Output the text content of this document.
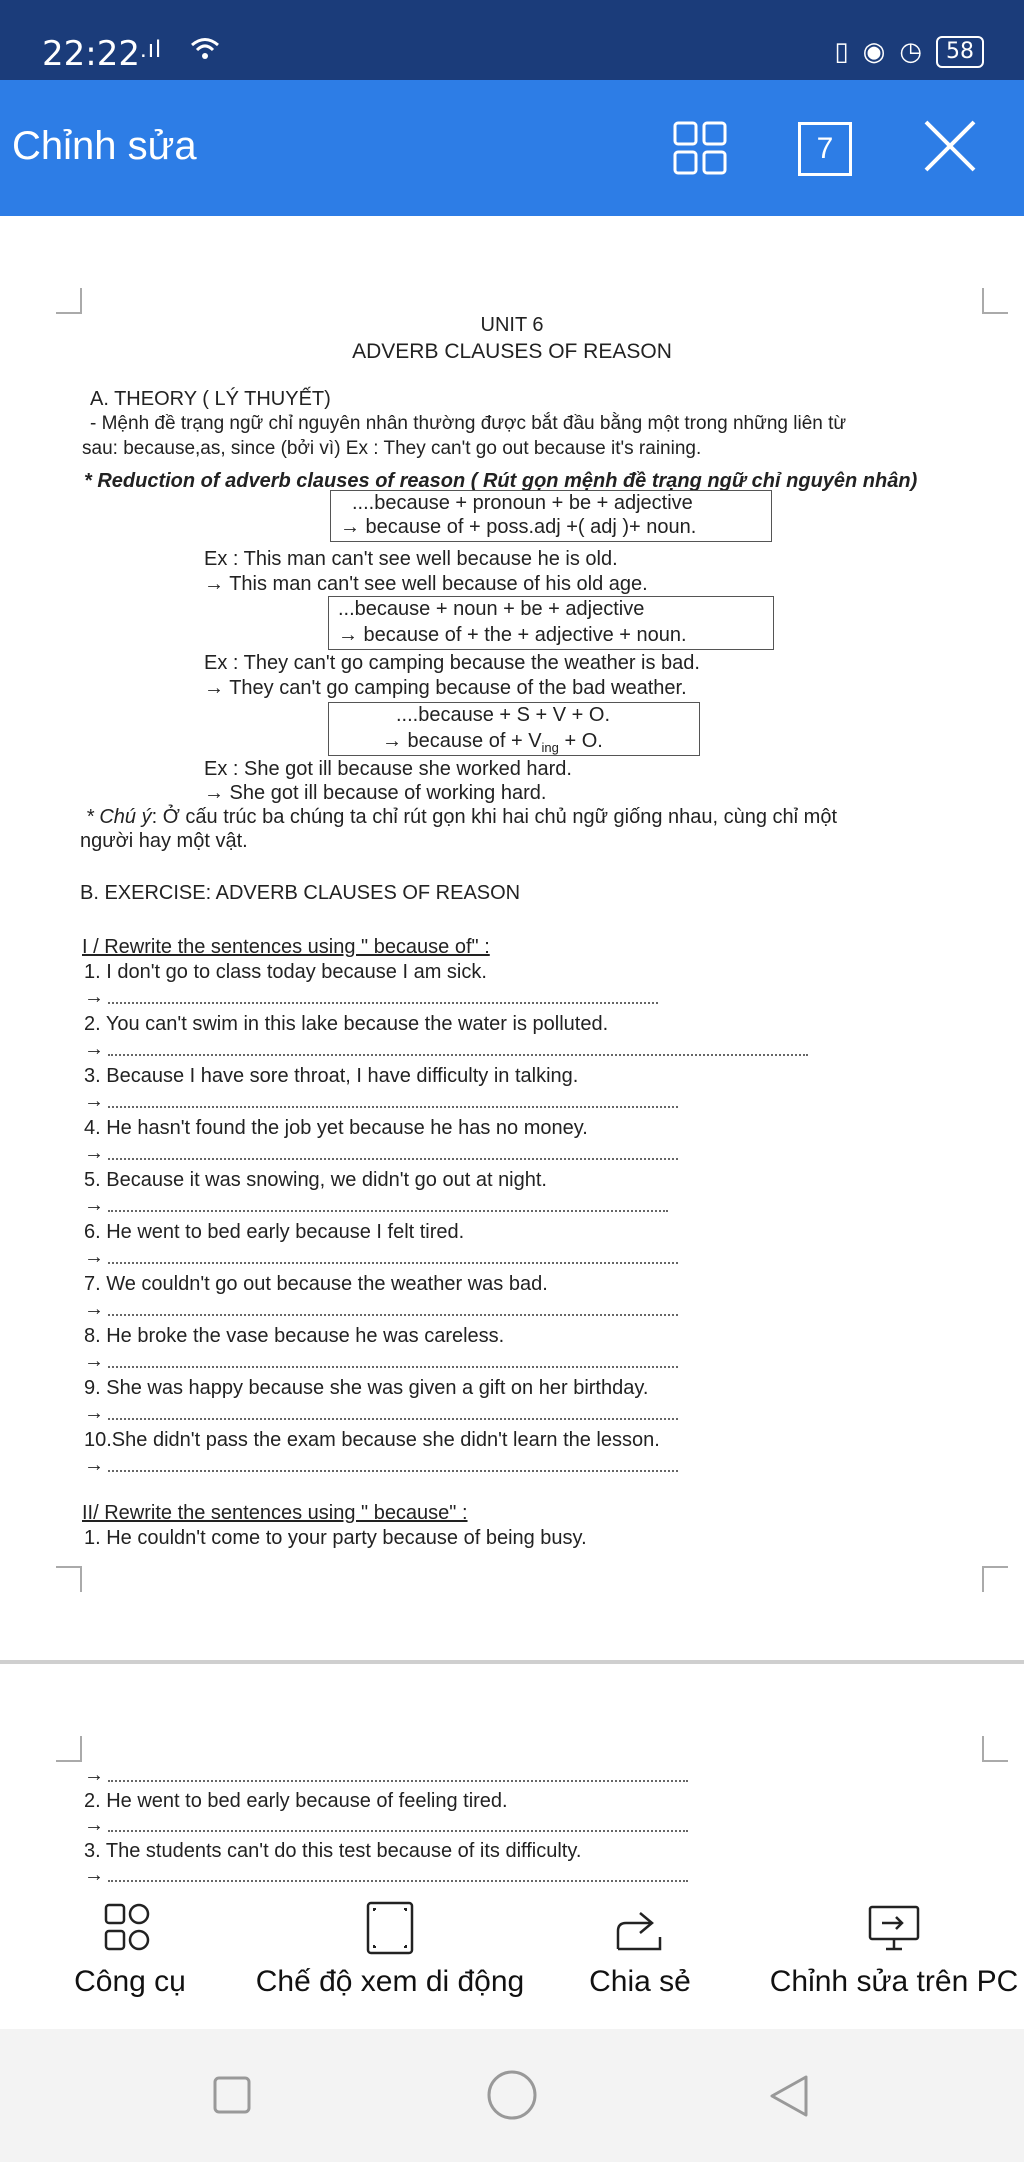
22:22 .ıl	▯ ◉ ◷	58
Chỉnh sửa	7
UNIT 6
ADVERB CLAUSES OF REASON
A. THEORY ( LÝ THUYẾT)
- Mệnh đề trạng ngữ chỉ nguyên nhân thường được bắt đầu bằng một trong những liên từ
sau: because,as, since (bởi vì) Ex : They can't go out because it's raining.
* Reduction of adverb clauses of reason ( Rút gọn mệnh đề trạng ngữ chỉ nguyên nhân)
....because + pronoun + be + adjective
→ because of + poss.adj +( adj )+ noun.
Ex : This man can't see well because he is old.
→ This man can't see well because of his old age.
...because + noun + be + adjective
→ because of + the + adjective + noun.
Ex : They can't go camping because the weather is bad.
→ They can't go camping because of the bad weather.
....because + S + V + O.
→ because of + $V_{ing} + O$.
Ex : She got ill because she worked hard.
→ She got ill because of working hard.
* Chú ý: Ở cấu trúc ba chúng ta chỉ rút gọn khi hai chủ ngữ giống nhau, cùng chỉ một
người hay một vật.
B. EXERCISE: ADVERB CLAUSES OF REASON
I / Rewrite the sentences using " because of" :
1. I don't go to class today because I am sick.
→
2. You can't swim in this lake because the water is polluted.
→
3. Because I have sore throat, I have difficulty in talking.
→
4. He hasn't found the job yet because he has no money.
→
5. Because it was snowing, we didn't go out at night.
→
6. He went to bed early because I felt tired.
→
7. We couldn't go out because the weather was bad.
→
8. He broke the vase because he was careless.
→
9. She was happy because she was given a gift on her birthday.
→
10.She didn't pass the exam because she didn't learn the lesson.
→
II/ Rewrite the sentences using " because" :
1. He couldn't come to your party because of being busy.
→
2. He went to bed early because of feeling tired.
→
3. The students can't do this test because of its difficulty.
→
Công cụ	Chế độ xem di động	Chia sẻ	Chỉnh sửa trên PC
